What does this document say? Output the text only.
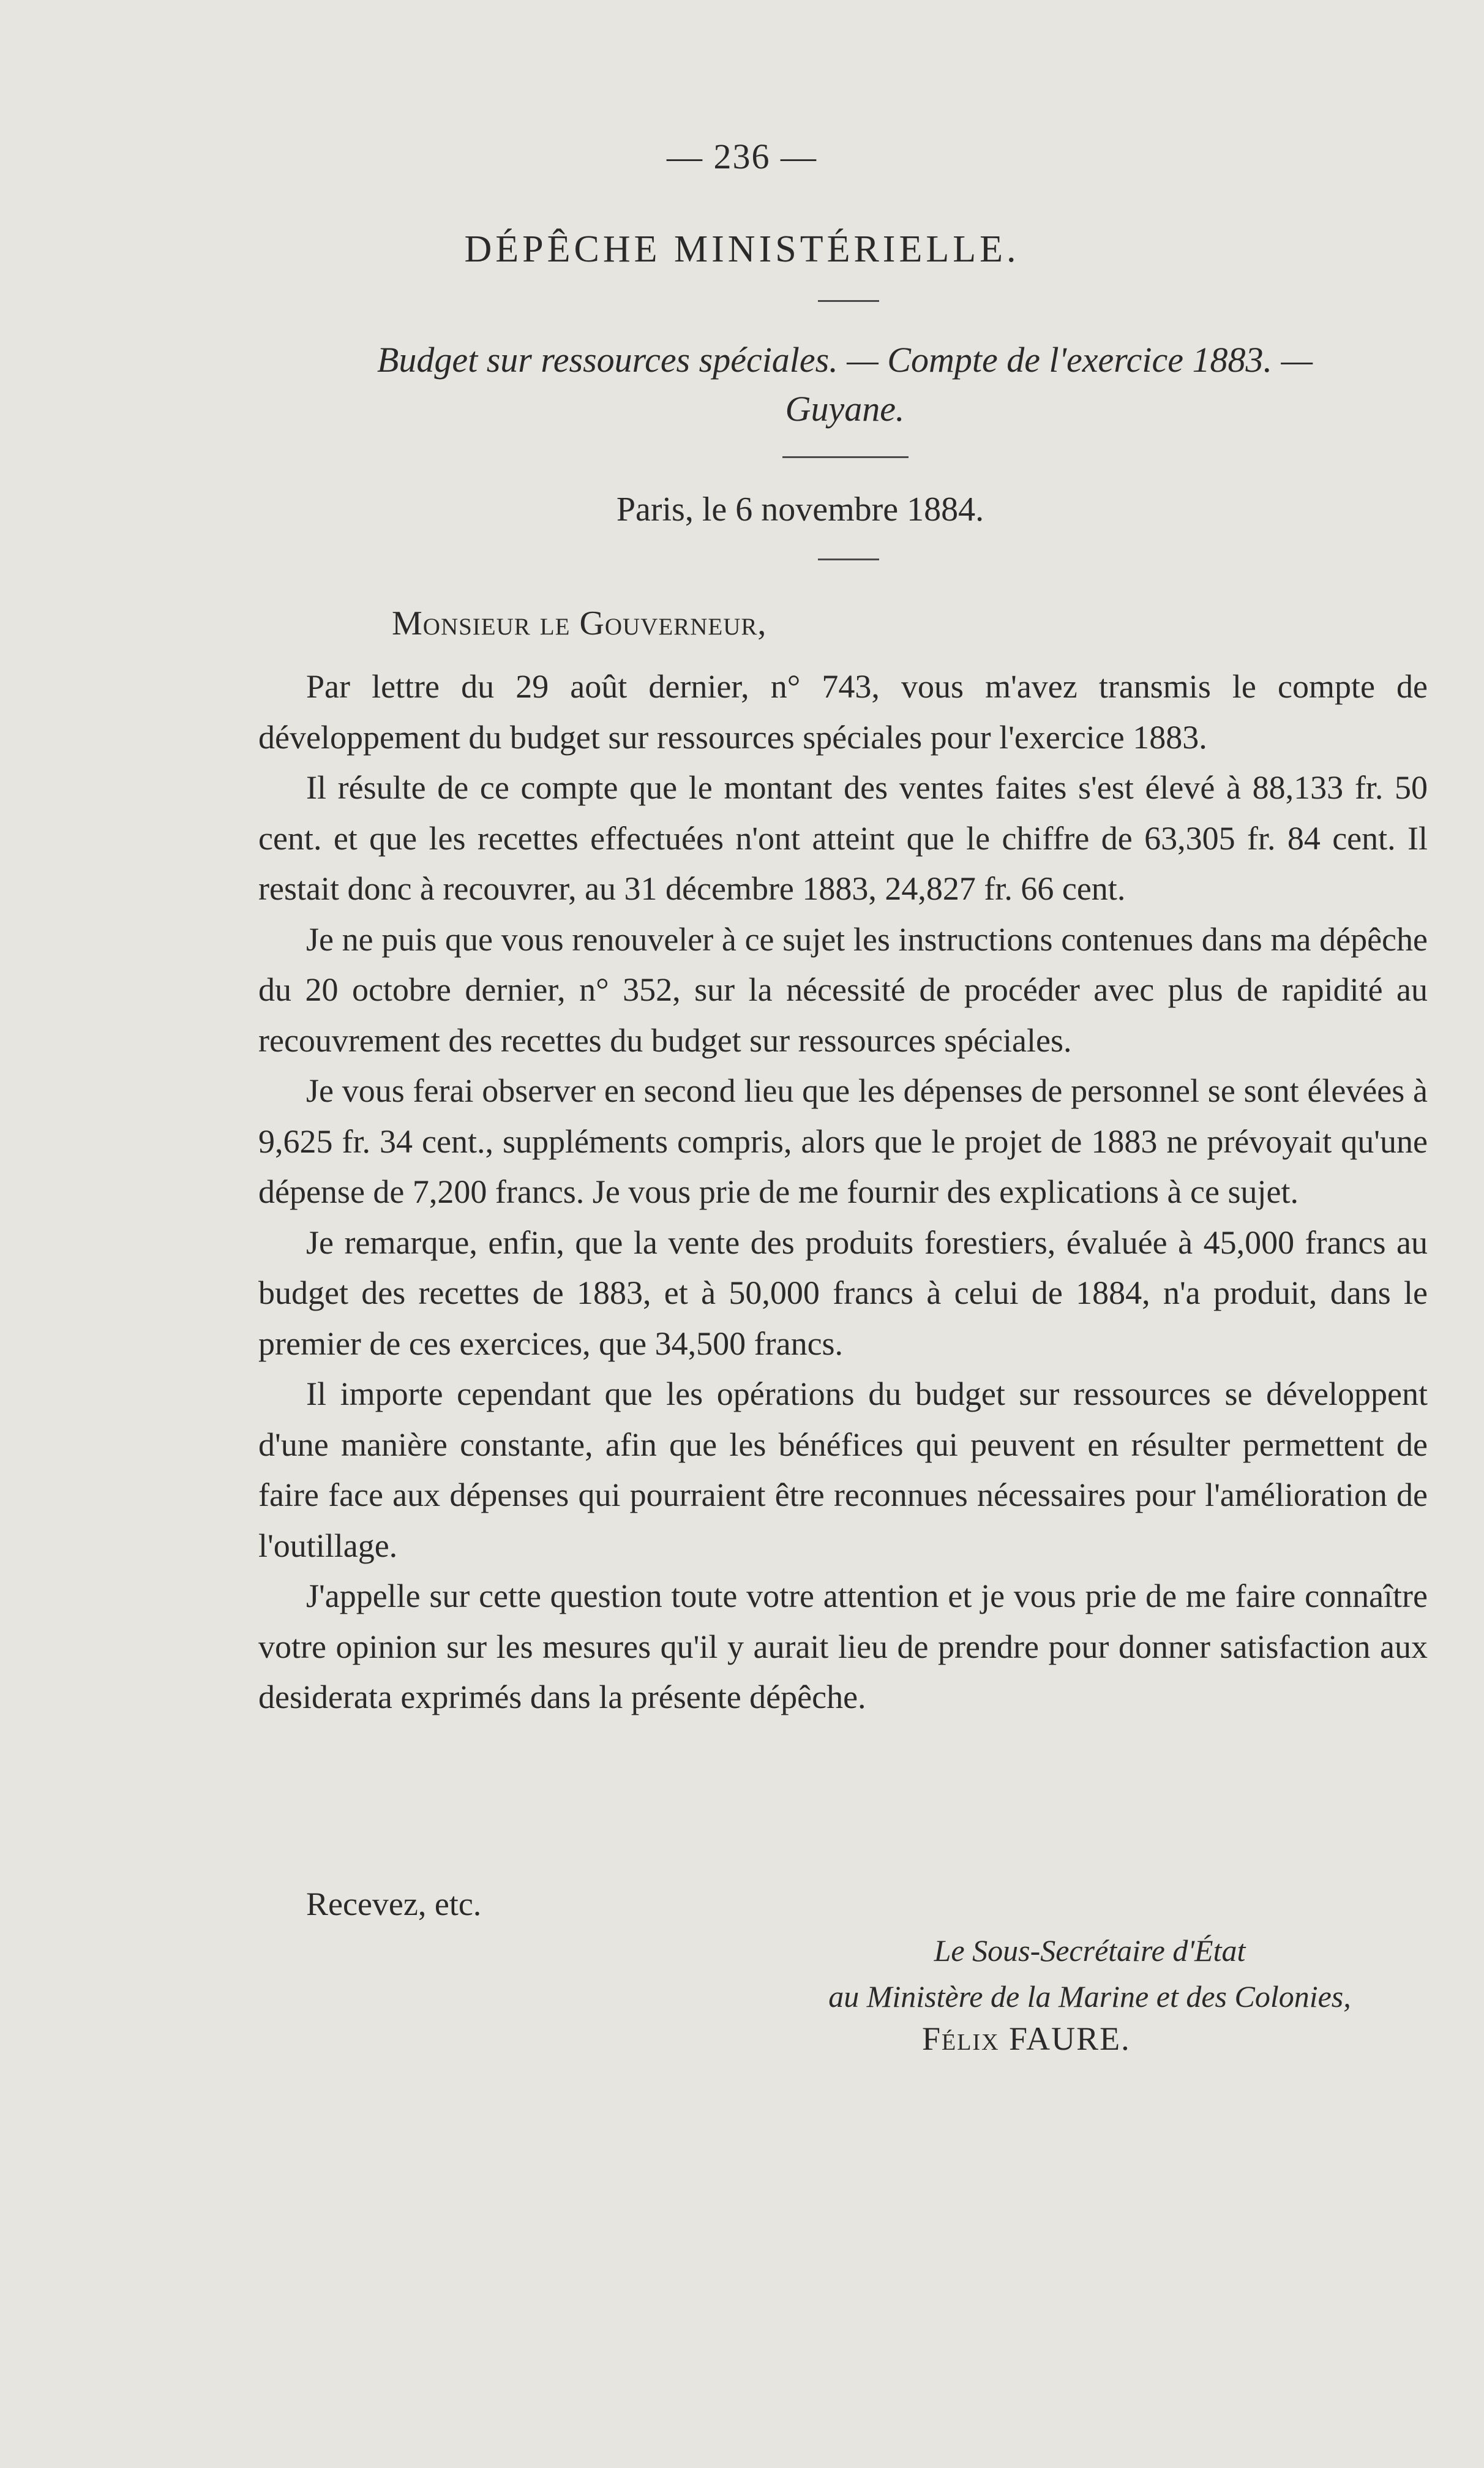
— 236 —
DÉPÊCHE MINISTÉRIELLE.
Budget sur ressources spéciales. — Compte de l'exercice 1883. —
Guyane.
Paris, le 6 novembre 1884.
Monsieur le Gouverneur,

Par lettre du 29 août dernier, n° 743, vous m'avez transmis le compte de développement du budget sur ressources spéciales pour l'exercice 1883.

Il résulte de ce compte que le montant des ventes faites s'est élevé à 88,133 fr. 50 cent. et que les recettes effectuées n'ont atteint que le chiffre de 63,305 fr. 84 cent. Il restait donc à recouvrer, au 31 décembre 1883, 24,827 fr. 66 cent.

Je ne puis que vous renouveler à ce sujet les instructions contenues dans ma dépêche du 20 octobre dernier, n° 352, sur la nécessité de procéder avec plus de rapidité au recouvrement des recettes du budget sur ressources spéciales.

Je vous ferai observer en second lieu que les dépenses de personnel se sont élevées à 9,625 fr. 34 cent., suppléments compris, alors que le projet de 1883 ne prévoyait qu'une dépense de 7,200 francs. Je vous prie de me fournir des explications à ce sujet.

Je remarque, enfin, que la vente des produits forestiers, évaluée à 45,000 francs au budget des recettes de 1883, et à 50,000 francs à celui de 1884, n'a produit, dans le premier de ces exercices, que 34,500 francs.

Il importe cependant que les opérations du budget sur ressources se développent d'une manière constante, afin que les bénéfices qui peuvent en résulter permettent de faire face aux dépenses qui pourraient être reconnues nécessaires pour l'amélioration de l'outillage.

J'appelle sur cette question toute votre attention et je vous prie de me faire connaître votre opinion sur les mesures qu'il y aurait lieu de prendre pour donner satisfaction aux desiderata exprimés dans la présente dépêche.

Recevez, etc.
Le Sous-Secrétaire d'État
au Ministère de la Marine et des Colonies,
Félix FAURE.
